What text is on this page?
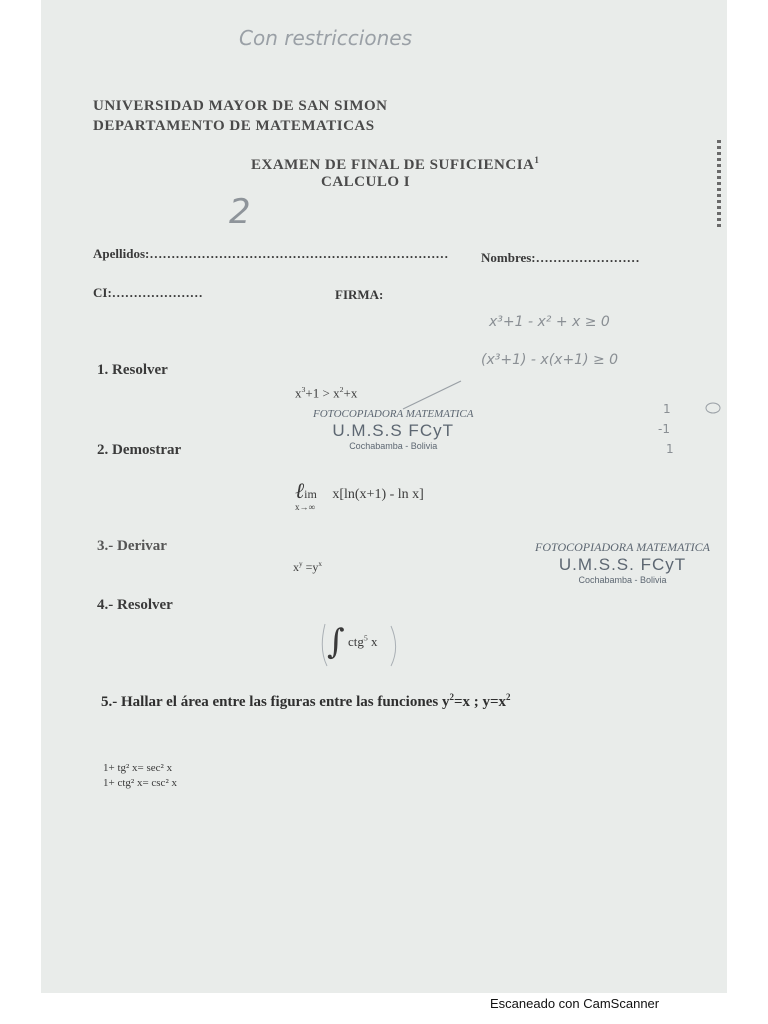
Con restricciones
UNIVERSIDAD MAYOR DE SAN SIMON
DEPARTAMENTO DE MATEMATICAS
EXAMEN DE FINAL DE SUFICIENCIA$^1$
CALCULO I
2
Apellidos:……………………………………………………………	Nombres:……………………
CI:…………………	FIRMA:
x³+1 - x² + x ≥ 0
(x³+1) - x(x+1) ≥ 0
1. Resolver
$x^3+1 > x^2+x$
FOTOCOPIADORA MATEMATICA
U.M.S.S FCyT
Cochabamba - Bolivia
1
-1
1
2. Demostrar
ℓim x[ln(x+1) - ln x]
x→∞
3.- Derivar
$x^y =y^x$
FOTOCOPIADORA MATEMATICA
U.M.S.S. FCyT
Cochabamba - Bolivia
4.- Resolver
∫ ctg$^5$ x
5.- Hallar el área entre las figuras entre las funciones $y^2=x$ ; $y=x^2$
1+ tg² x= sec² x
1+ ctg² x= csc² x
Escaneado con CamScanner
